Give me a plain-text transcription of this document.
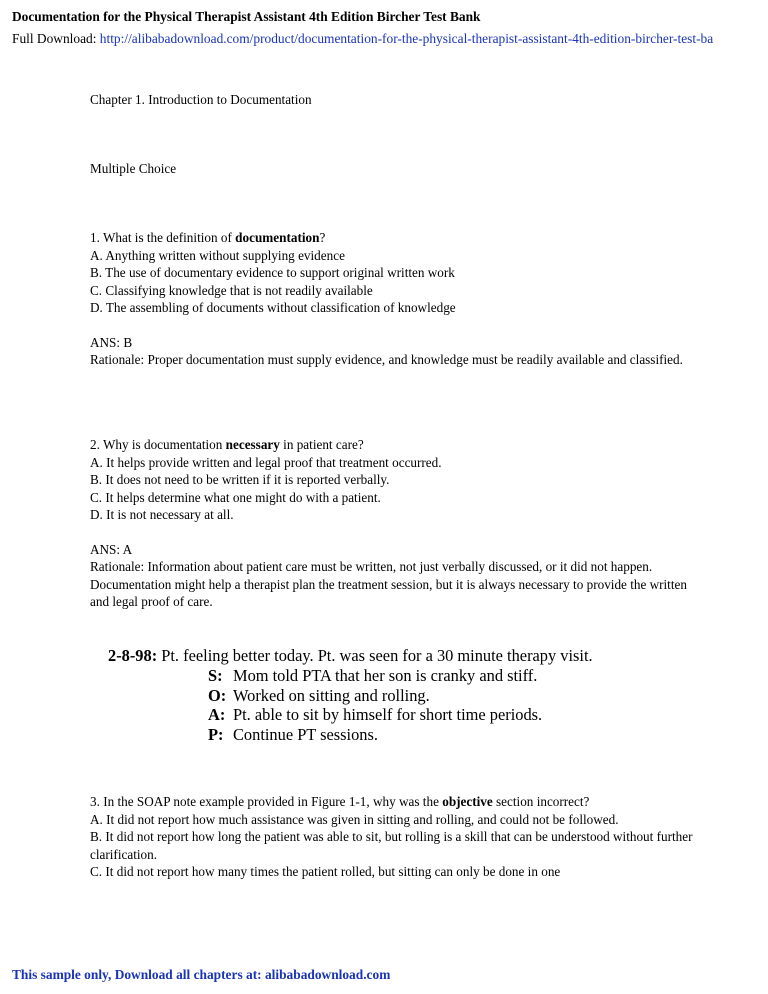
Documentation for the Physical Therapist Assistant 4th Edition Bircher Test Bank
Full Download: http://alibabadownload.com/product/documentation-for-the-physical-therapist-assistant-4th-edition-bircher-test-ba
Chapter 1. Introduction to Documentation
Multiple Choice
1. What is the definition of documentation?
A. Anything written without supplying evidence
B. The use of documentary evidence to support original written work
C. Classifying knowledge that is not readily available
D. The assembling of documents without classification of knowledge
ANS: B
Rationale: Proper documentation must supply evidence, and knowledge must be readily available and classified.
2. Why is documentation necessary in patient care?
A. It helps provide written and legal proof that treatment occurred.
B. It does not need to be written if it is reported verbally.
C. It helps determine what one might do with a patient.
D. It is not necessary at all.
ANS: A
Rationale: Information about patient care must be written, not just verbally discussed, or it did not happen. Documentation might help a therapist plan the treatment session, but it is always necessary to provide the written and legal proof of care.
2-8-98: Pt. feeling better today. Pt. was seen for a 30 minute therapy visit.
S: Mom told PTA that her son is cranky and stiff.
O: Worked on sitting and rolling.
A: Pt. able to sit by himself for short time periods.
P: Continue PT sessions.
3. In the SOAP note example provided in Figure 1-1, why was the objective section incorrect?
A. It did not report how much assistance was given in sitting and rolling, and could not be followed.
B. It did not report how long the patient was able to sit, but rolling is a skill that can be understood without further clarification.
C. It did not report how many times the patient rolled, but sitting can only be done in one
This sample only, Download all chapters at: alibabadownload.com
